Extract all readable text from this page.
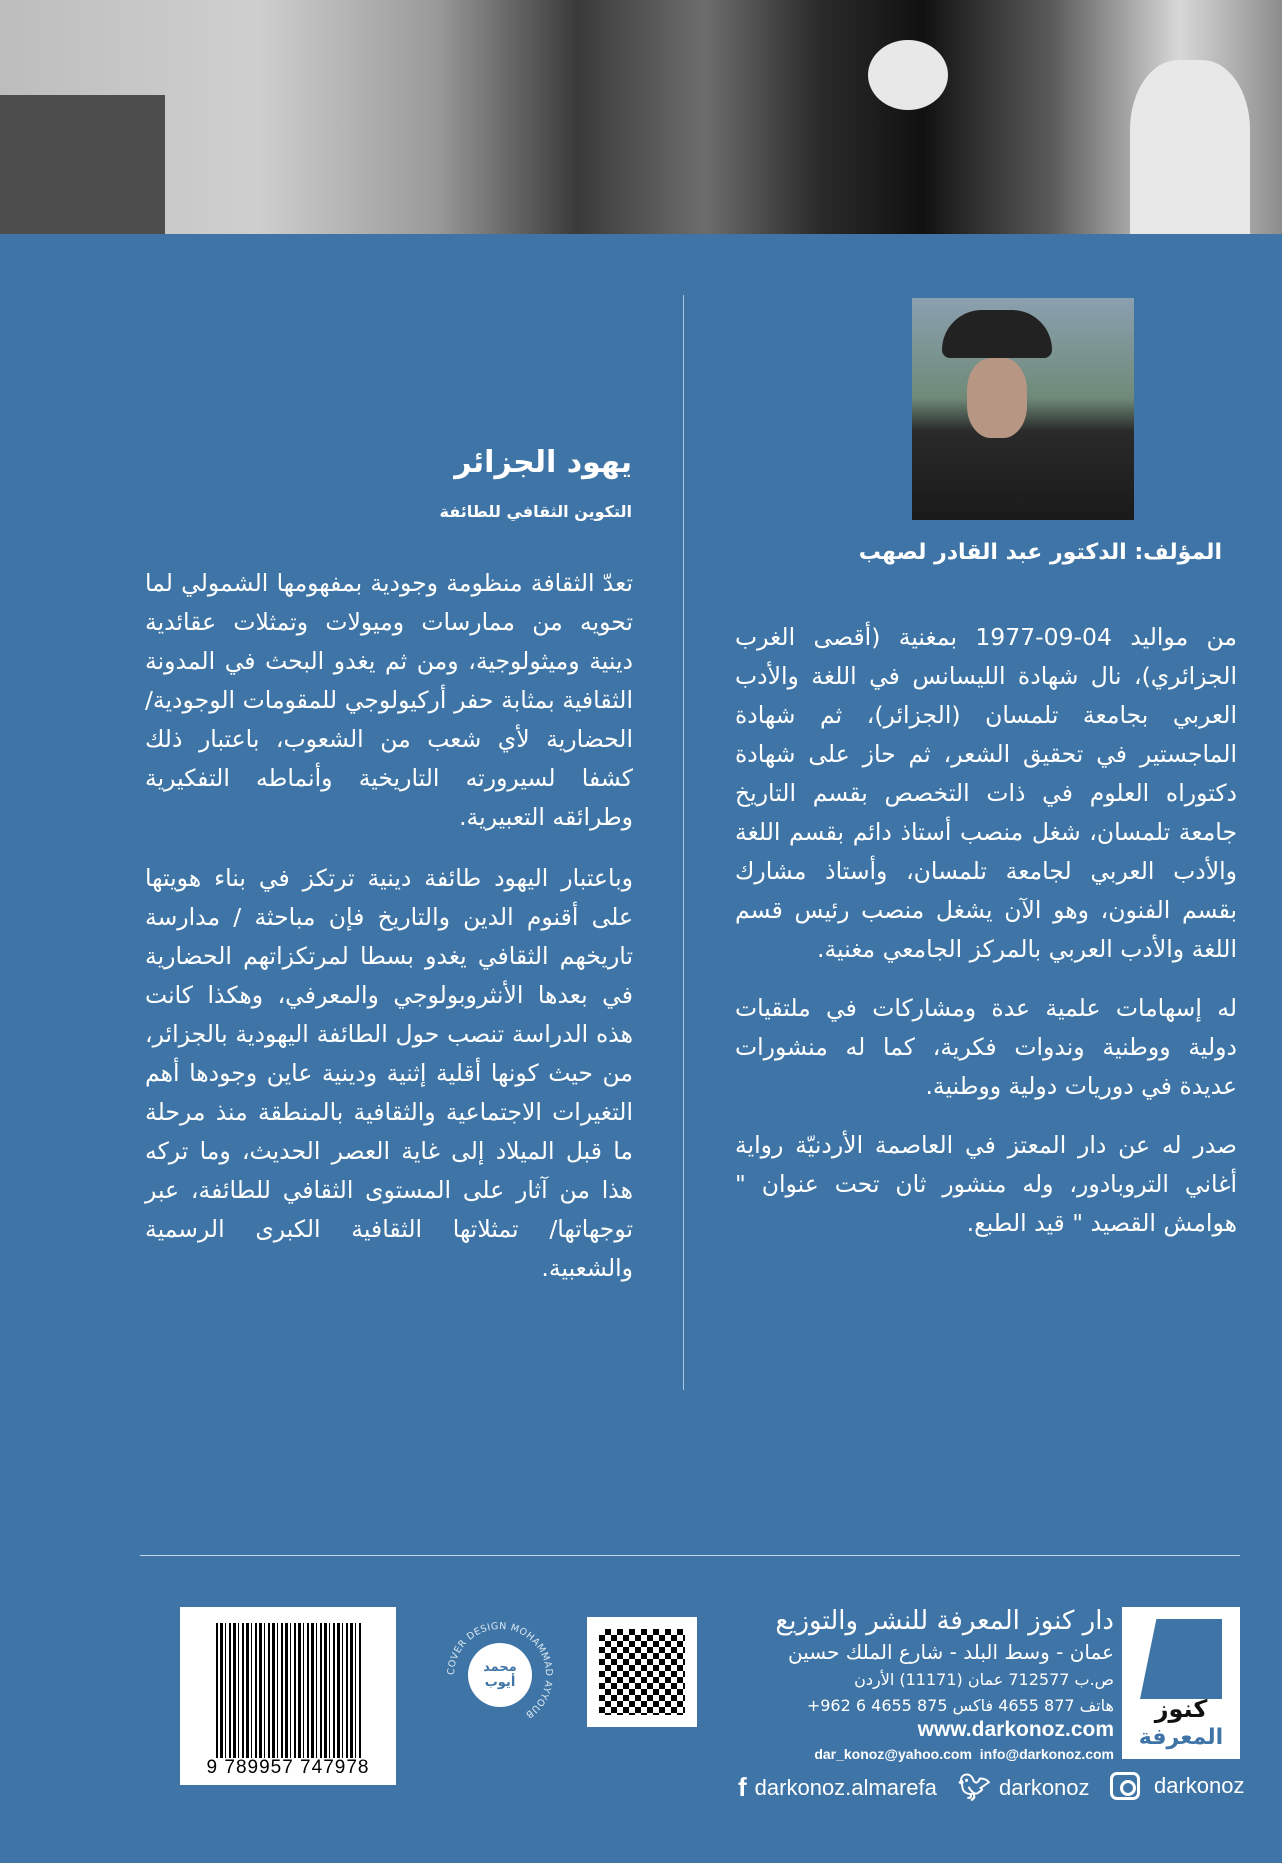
المؤلف: الدكتور عبد القادر لصهب

من مواليد 04-09-1977 بمغنية (أقصى الغرب الجزائري)، نال شهادة الليسانس في اللغة والأدب العربي بجامعة تلمسان (الجزائر)، ثم شهادة الماجستير في تحقيق الشعر، ثم حاز على شهادة دكتوراه العلوم في ذات التخصص بقسم التاريخ جامعة تلمسان، شغل منصب أستاذ دائم بقسم اللغة والأدب العربي لجامعة تلمسان، وأستاذ مشارك بقسم الفنون، وهو الآن يشغل منصب رئيس قسم اللغة والأدب العربي بالمركز الجامعي مغنية.

له إسهامات علمية عدة ومشاركات في ملتقيات دولية ووطنية وندوات فكرية، كما له منشورات عديدة في دوريات دولية ووطنية.

صدر له عن دار المعتز في العاصمة الأردنيّة رواية أغاني التروبادور، وله منشور ثان تحت عنوان " هوامش القصيد " قيد الطبع.

يهود الجزائر
التكوين الثقافي للطائفة

تعدّ الثقافة منظومة وجودية بمفهومها الشمولي لما تحويه من ممارسات وميولات وتمثلات عقائدية دينية وميثولوجية، ومن ثم يغدو البحث في المدونة الثقافية بمثابة حفر أركيولوجي للمقومات الوجودية/ الحضارية لأي شعب من الشعوب، باعتبار ذلك كشفا لسيرورته التاريخية وأنماطه التفكيرية وطرائقه التعبيرية.

وباعتبار اليهود طائفة دينية ترتكز في بناء هويتها على أقنوم الدين والتاريخ فإن مباحثة / مدارسة تاريخهم الثقافي يغدو بسطا لمرتكزاتهم الحضارية في بعدها الأنثروبولوجي والمعرفي، وهكذا كانت هذه الدراسة تنصب حول الطائفة اليهودية بالجزائر، من حيث كونها أقلية إثنية ودينية عاين وجودها أهم التغيرات الاجتماعية والثقافية بالمنطقة منذ مرحلة ما قبل الميلاد إلى غاية العصر الحديث، وما تركه هذا من آثار على المستوى الثقافي للطائفة، عبر توجهاتها/ تمثلاتها الثقافية الكبرى الرسمية والشعبية.

9 789957 747978
COVER DESIGN MOHAMMAD AYYOUB
محمد أيوب
دار كنوز المعرفة للنشر والتوزيع
عمان - وسط البلد - شارع الملك حسين
ص.ب 712577 عمان (11171) الأردن
هاتف 877 4655 فاكس 875 4655 6 962+
www.darkonoz.com
dar_konoz@yahoo.com info@darkonoz.com
كنوز
المعرفة
f darkonoz.almarefa 🐦︎ darkonoz	darkonoz
